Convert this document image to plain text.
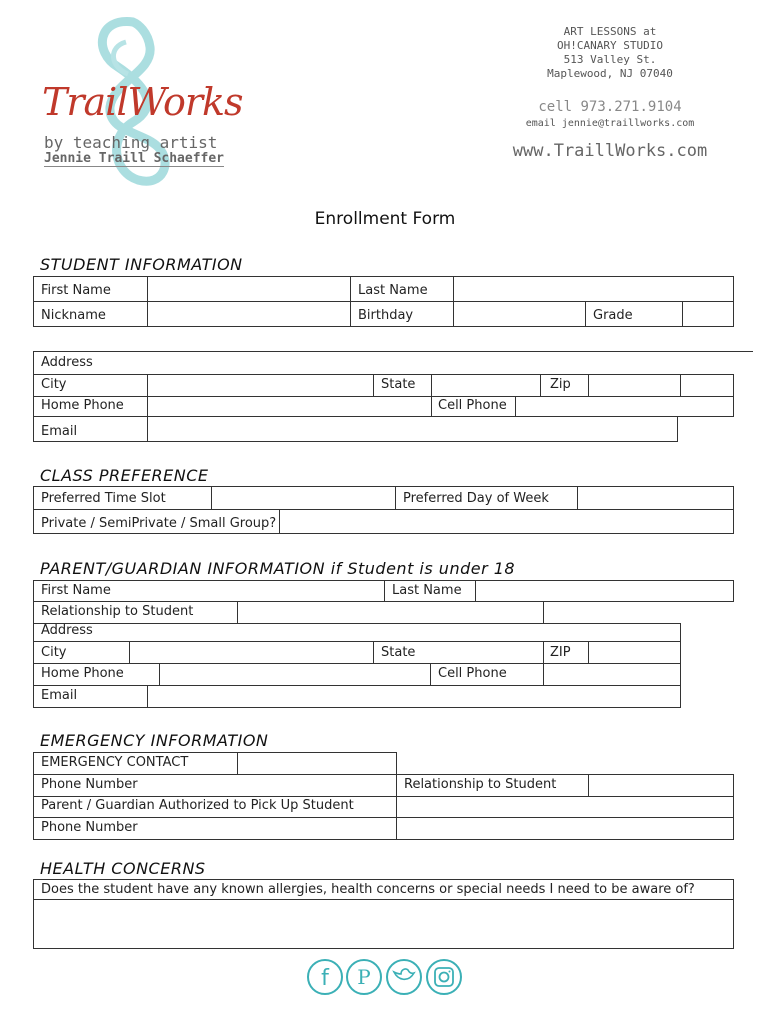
TrailWorks
by teaching artist
Jennie Traill Schaeffer
ART LESSONS at
OH!CANARY STUDIO
513 Valley St.
Maplewood, NJ 07040
cell 973.271.9104
email jennie@traillworks.com
www.TraillWorks.com
Enrollment Form
STUDENT INFORMATION
First Name	Last Name
Nickname	Birthday	Grade
Address
City	State	Zip
Home Phone	Cell Phone
Email
CLASS PREFERENCE
Preferred Time Slot	Preferred Day of Week
Private / SemiPrivate / Small Group?
PARENT/GUARDIAN INFORMATION if Student is under 18
First Name	Last Name
Relationship to Student
Address
City	State	ZIP
Home Phone	Cell Phone
Email
EMERGENCY INFORMATION
EMERGENCY CONTACT
Phone Number	Relationship to Student
Parent / Guardian Authorized to Pick Up Student
Phone Number
HEALTH CONCERNS
Does the student have any known allergies, health concerns or special needs I need to be aware of?
f P
